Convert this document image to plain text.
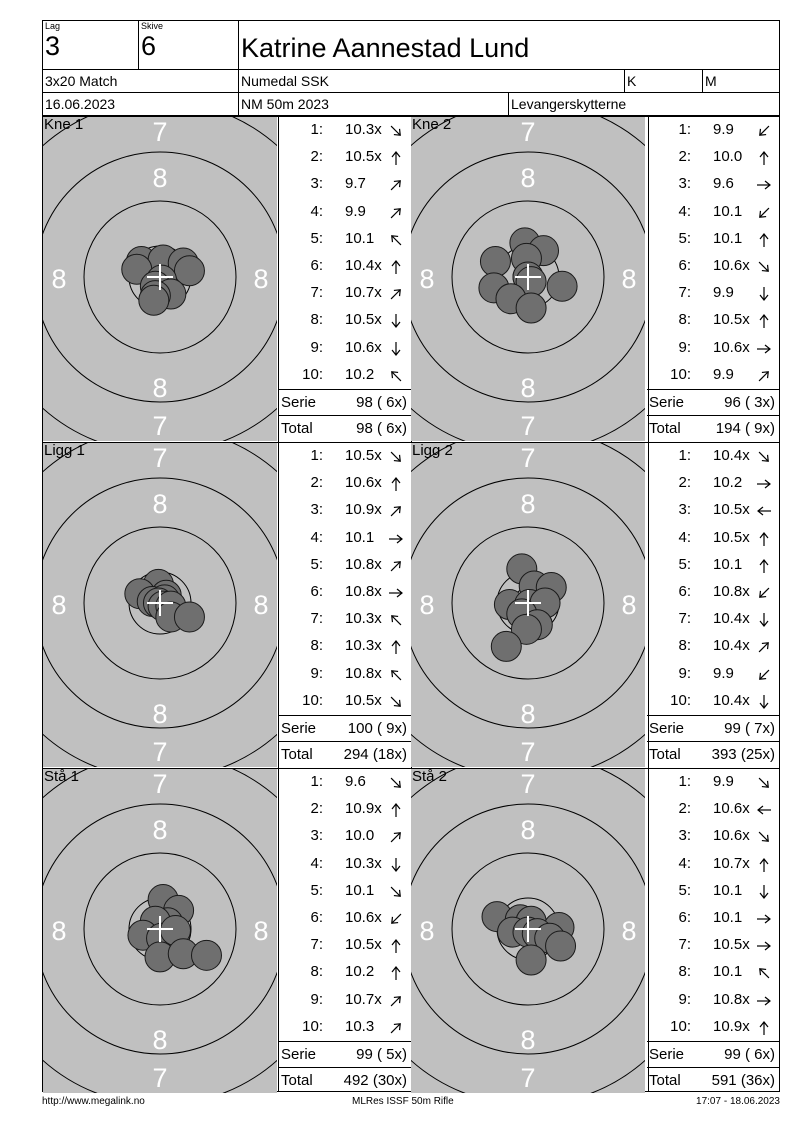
Lag
3
Skive
6	Katrine Aannestad Lund
3x20 Match	Numedal SSK	K	M
16.06.2023	NM 50m 2023	Levangerskytterne
7
8
8	8
8
7
Kne 1	1: 10.3x
2: 10.5x
3: 9.7
4: 9.9
5: 10.1
6: 10.4x
7: 10.7x
8: 10.5x
9: 10.6x
10: 10.2
Serie	98 ( 6x)
Total	98 ( 6x)
7
8
8	8
8
7
Kne 2	1: 9.9
2: 10.0
3: 9.6
4: 10.1
5: 10.1
6: 10.6x
7: 9.9
8: 10.5x
9: 10.6x
10: 9.9
Serie	96 ( 3x)
Total 194 ( 9x)
7
8
8	8
8
7
Ligg 1	1: 10.5x
2: 10.6x
3: 10.9x
4: 10.1
5: 10.8x
6: 10.8x
7: 10.3x
8: 10.3x
9: 10.8x
10: 10.5x
Serie 100 ( 9x)
Total 294 (18x)
7
8
8	8
8
7
Ligg 2	1: 10.4x
2: 10.2
3: 10.5x
4: 10.5x
5: 10.1
6: 10.8x
7: 10.4x
8: 10.4x
9: 9.9
10: 10.4x
Serie	99 ( 7x)
Total 393 (25x)
7
8
8	8
8
7
Stå 1	1: 9.6
2: 10.9x
3: 10.0
4: 10.3x
5: 10.1
6: 10.6x
7: 10.5x
8: 10.2
9: 10.7x
10: 10.3
Serie	99 ( 5x)
Total 492 (30x)
7
8
8	8
8
7
Stå 2	1: 9.9
2: 10.6x
3: 10.6x
4: 10.7x
5: 10.1
6: 10.1
7: 10.5x
8: 10.1
9: 10.8x
10: 10.9x
Serie	99 ( 6x)
Total 591 (36x)
http://www.megalink.no	MLRes ISSF 50m Rifle	17:07 - 18.06.2023
